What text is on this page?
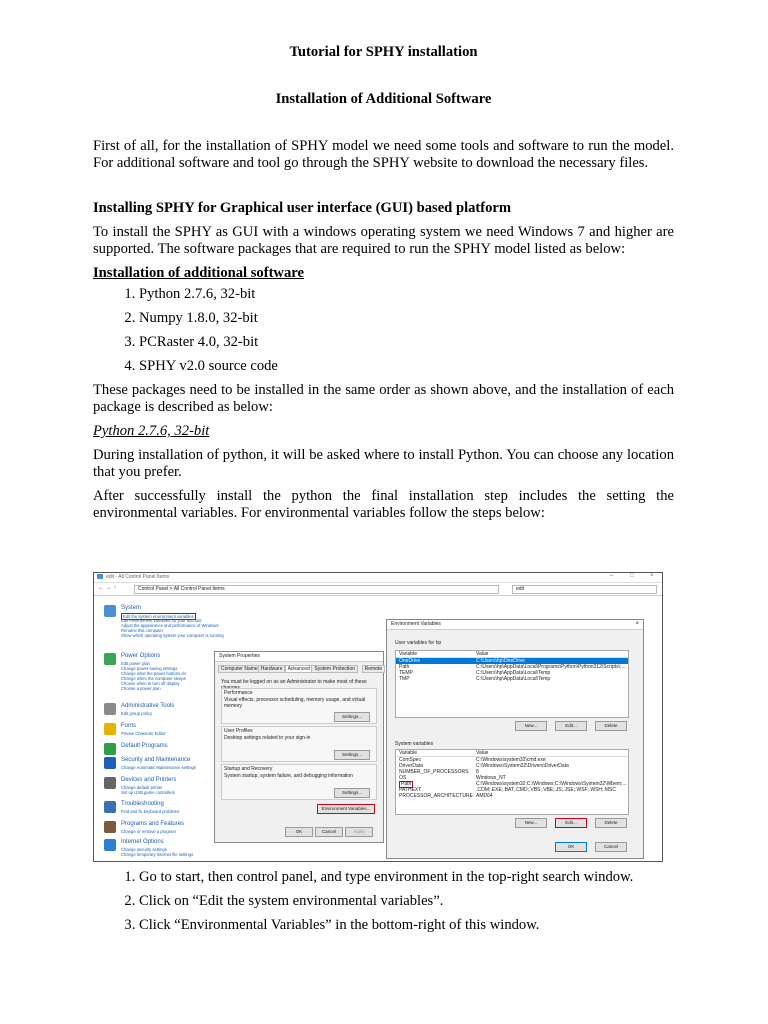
Tutorial for SPHY installation
Installation of Additional Software

First of all, for the installation of SPHY model we need some tools and software to run the model. For additional software and tool go through the SPHY website to download the necessary files.

Installing SPHY for Graphical user interface (GUI) based platform

To install the SPHY as GUI with a windows operating system we need Windows 7 and higher are supported. The software packages that are required to run the SPHY model listed as below:

Installation of additional software
1. Python 2.7.6, 32-bit
2. Numpy 1.8.0, 32-bit
3. PCRaster 4.0, 32-bit
4. SPHY v2.0 source code

These packages need to be installed in the same order as shown above, and the installation of each package is described as below:

Python 2.7.6, 32-bit

During installation of python, it will be asked where to install Python. You can choose any location that you prefer.

After successfully install the python the final installation step includes the setting the environmental variables. For environmental variables follow the steps below:

edit - All Control Panel Items	–	□	×
← → ↑	Control Panel > All Control Panel Items	edit
System
Edit the system environment variables
Edit environment variables for your account
Adjust the appearance and performance of Windows
Rename this computer
Show which operating system your computer is running
Power Options
Edit power plan
Change power-saving settings
Change what the power buttons do
Change when the computer sleeps
Choose when to turn off display
Choose a power plan
Administrative Tools
Edit group policy
Fonts
Private Character Editor
Default Programs
Security and Maintenance
Change Automatic Maintenance settings
Devices and Printers
Change default printer
Set up USB game controllers
Troubleshooting
Find and fix keyboard problems
Programs and Features
Change or remove a program
Internet Options
Change security settings
Change temporary Internet file settings
System Properties
Computer Name Hardware	Advanced System Protection	Remote
You must be logged on as an Administrator to make most of these
Performance
Visual effects, processor scheduling, memory usage, and virtual memory
Settings...
User Profiles
Desktop settings related to your sign-in
Settings...
Startup and Recovery
System startup, system failure, and debugging information
Settings...
Environment Variables...
OK	Cancel	Apply
Environment Variables	×
User variables for hp
Variable	Value
OneDrive	C:\Users\hp\OneDrive
Path	C:\Users\hp\AppData\Local\Programs\Python\Python312\Scripts\;...
TEMP	C:\Users\hp\AppData\Local\Temp
TMP	C:\Users\hp\AppData\Local\Temp
New...	Edit...	Delete
System variables
Variable	Value
ComSpec	C:\Windows\system32\cmd.exe
DriverData	C:\Windows\System32\Drivers\DriverData
NUMBER_OF_PROCESSORS 8
OS	Windows_NT
Path	C:\Windows\system32;C:\Windows;C:\Windows\System32\Wbem;...
PATHEXT	.COM;.EXE;.BAT;.CMD;.VBS;.VBE;.JS;.JSE;.WSF;.WSH;.MSC
PROCESSOR_ARCHITECTURE AMD64
New...	Edit...	Delete
OK	Cancel
1. Go to start, then control panel, and type environment in the top-right search window.
2. Click on “Edit the system environmental variables”.
3. Click “Environmental Variables” in the bottom-right of this window.
